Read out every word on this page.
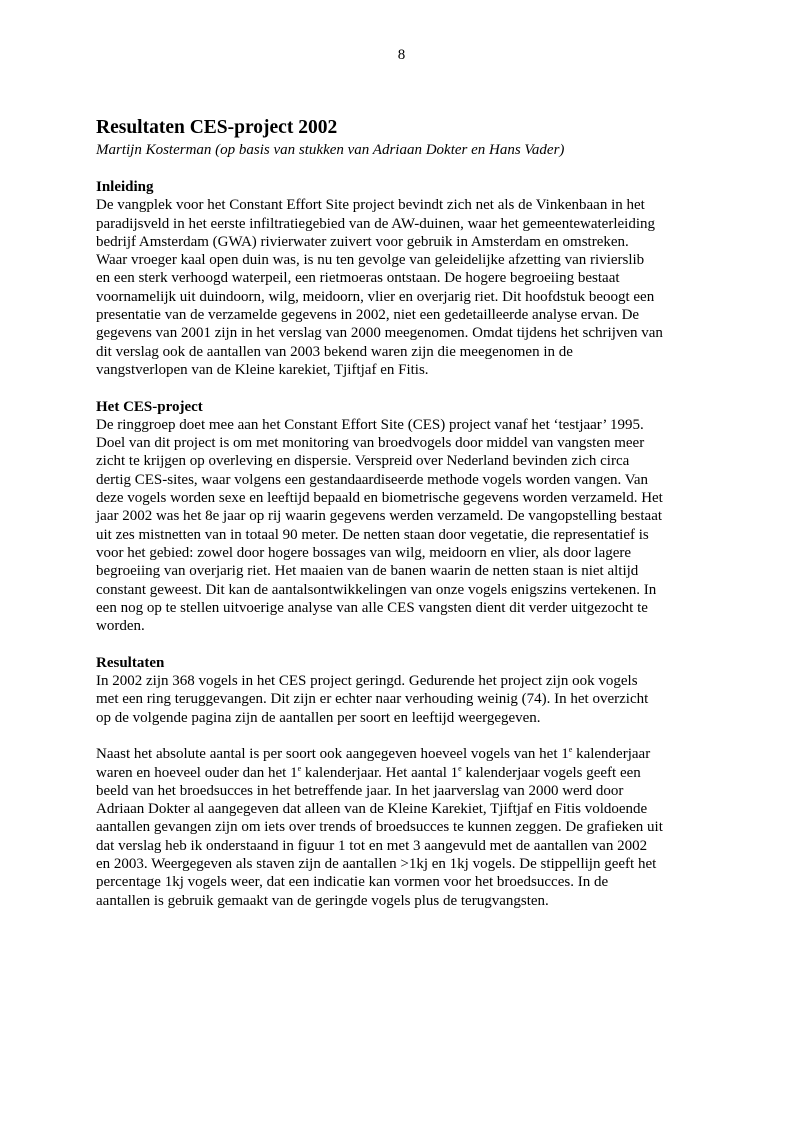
8
Resultaten CES-project 2002
Martijn Kosterman (op basis van stukken van Adriaan Dokter en Hans Vader)
Inleiding

De vangplek voor het Constant Effort Site project bevindt zich net als de Vinkenbaan in het
paradijsveld in het eerste infiltratiegebied van de AW-duinen, waar het gemeentewaterleiding
bedrijf Amsterdam (GWA) rivierwater zuivert voor gebruik in Amsterdam en omstreken.
Waar vroeger kaal open duin was, is nu ten gevolge van geleidelijke afzetting van rivierslib
en een sterk verhoogd waterpeil, een rietmoeras ontstaan. De hogere begroeiing bestaat
voornamelijk uit duindoorn, wilg, meidoorn, vlier en overjarig riet. Dit hoofdstuk beoogt een
presentatie van de verzamelde gegevens in 2002, niet een gedetailleerde analyse ervan. De
gegevens van 2001 zijn in het verslag van 2000 meegenomen. Omdat tijdens het schrijven van
dit verslag ook de aantallen van 2003 bekend waren zijn die meegenomen in de
vangstverlopen van de Kleine karekiet, Tjiftjaf en Fitis.

Het CES-project

De ringgroep doet mee aan het Constant Effort Site (CES) project vanaf het ‘testjaar’ 1995.
Doel van dit project is om met monitoring van broedvogels door middel van vangsten meer
zicht te krijgen op overleving en dispersie. Verspreid over Nederland bevinden zich circa
dertig CES-sites, waar volgens een gestandaardiseerde methode vogels worden vangen. Van
deze vogels worden sexe en leeftijd bepaald en biometrische gegevens worden verzameld. Het
jaar 2002 was het 8e jaar op rij waarin gegevens werden verzameld. De vangopstelling bestaat
uit zes mistnetten van in totaal 90 meter. De netten staan door vegetatie, die representatief is
voor het gebied: zowel door hogere bossages van wilg, meidoorn en vlier, als door lagere
begroeiing van overjarig riet. Het maaien van de banen waarin de netten staan is niet altijd
constant geweest. Dit kan de aantalsontwikkelingen van onze vogels enigszins vertekenen. In
een nog op te stellen uitvoerige analyse van alle CES vangsten dient dit verder uitgezocht te
worden.

Resultaten

In 2002 zijn 368 vogels in het CES project geringd. Gedurende het project zijn ook vogels
met een ring teruggevangen. Dit zijn er echter naar verhouding weinig (74). In het overzicht
op de volgende pagina zijn de aantallen per soort en leeftijd weergegeven.

Naast het absolute aantal is per soort ook aangegeven hoeveel vogels van het 1e kalenderjaar
waren en hoeveel ouder dan het 1e kalenderjaar. Het aantal 1e kalenderjaar vogels geeft een
beeld van het broedsucces in het betreffende jaar. In het jaarverslag van 2000 werd door
Adriaan Dokter al aangegeven dat alleen van de Kleine Karekiet, Tjiftjaf en Fitis voldoende
aantallen gevangen zijn om iets over trends of broedsucces te kunnen zeggen. De grafieken uit
dat verslag heb ik onderstaand in figuur 1 tot en met 3 aangevuld met de aantallen van 2002
en 2003. Weergegeven als staven zijn de aantallen >1kj en 1kj vogels. De stippellijn geeft het
percentage 1kj vogels weer, dat een indicatie kan vormen voor het broedsucces. In de
aantallen is gebruik gemaakt van de geringde vogels plus de terugvangsten.
